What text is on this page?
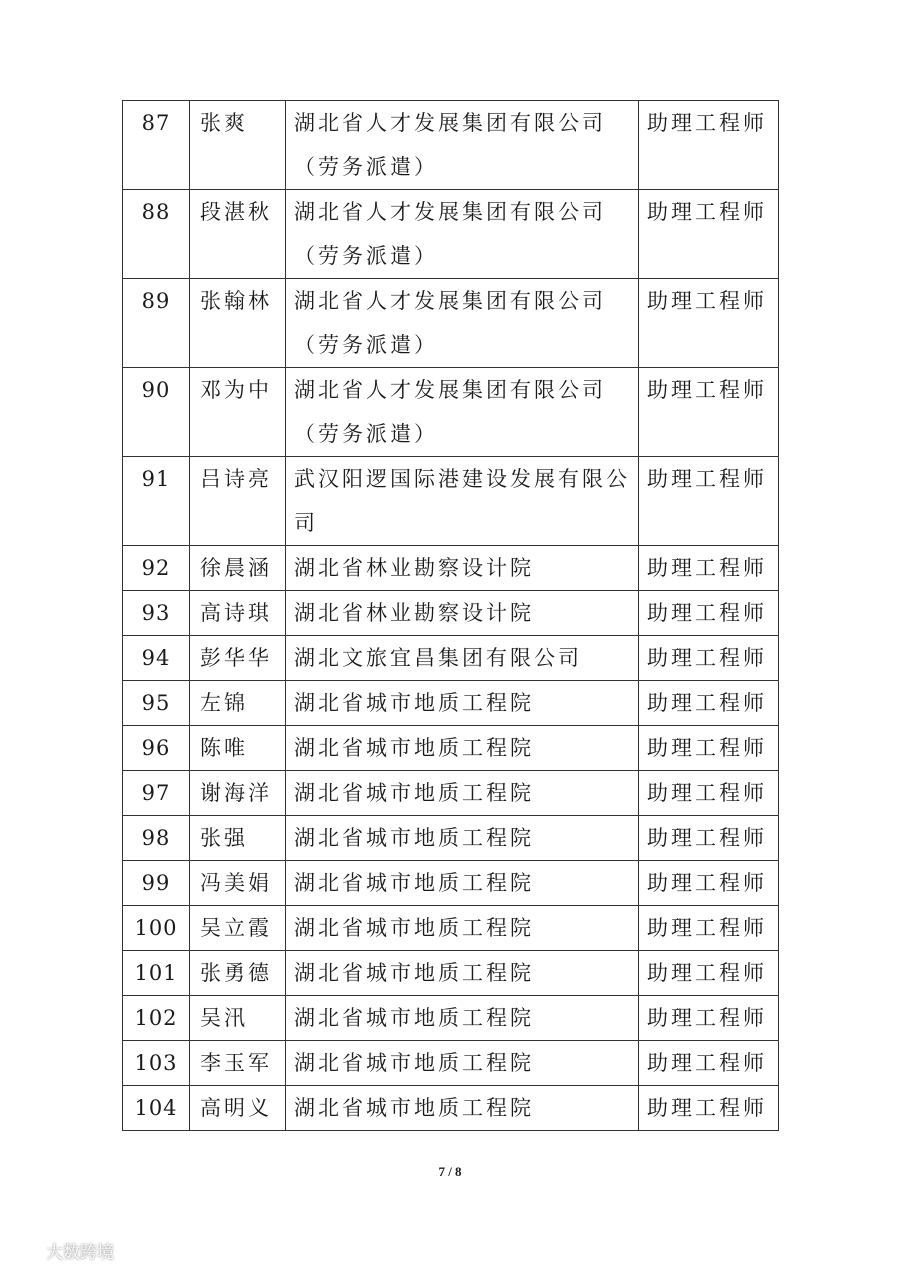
87	张爽	湖北省人才发展集团有限公司（劳务派遣）	助理工程师
88	段湛秋	湖北省人才发展集团有限公司（劳务派遣）	助理工程师
89	张翰林	湖北省人才发展集团有限公司（劳务派遣）	助理工程师
90	邓为中	湖北省人才发展集团有限公司（劳务派遣）	助理工程师
91	吕诗亮	武汉阳逻国际港建设发展有限公司	助理工程师
92	徐晨涵	湖北省林业勘察设计院	助理工程师
93	高诗琪	湖北省林业勘察设计院	助理工程师
94	彭华华	湖北文旅宜昌集团有限公司	助理工程师
95	左锦	湖北省城市地质工程院	助理工程师
96	陈唯	湖北省城市地质工程院	助理工程师
97	谢海洋	湖北省城市地质工程院	助理工程师
98	张强	湖北省城市地质工程院	助理工程师
99	冯美娟	湖北省城市地质工程院	助理工程师
100	吴立霞	湖北省城市地质工程院	助理工程师
101	张勇德	湖北省城市地质工程院	助理工程师
102	吴汛	湖北省城市地质工程院	助理工程师
103	李玉军	湖北省城市地质工程院	助理工程师
104	高明义	湖北省城市地质工程院	助理工程师
7 / 8
大数跨境
